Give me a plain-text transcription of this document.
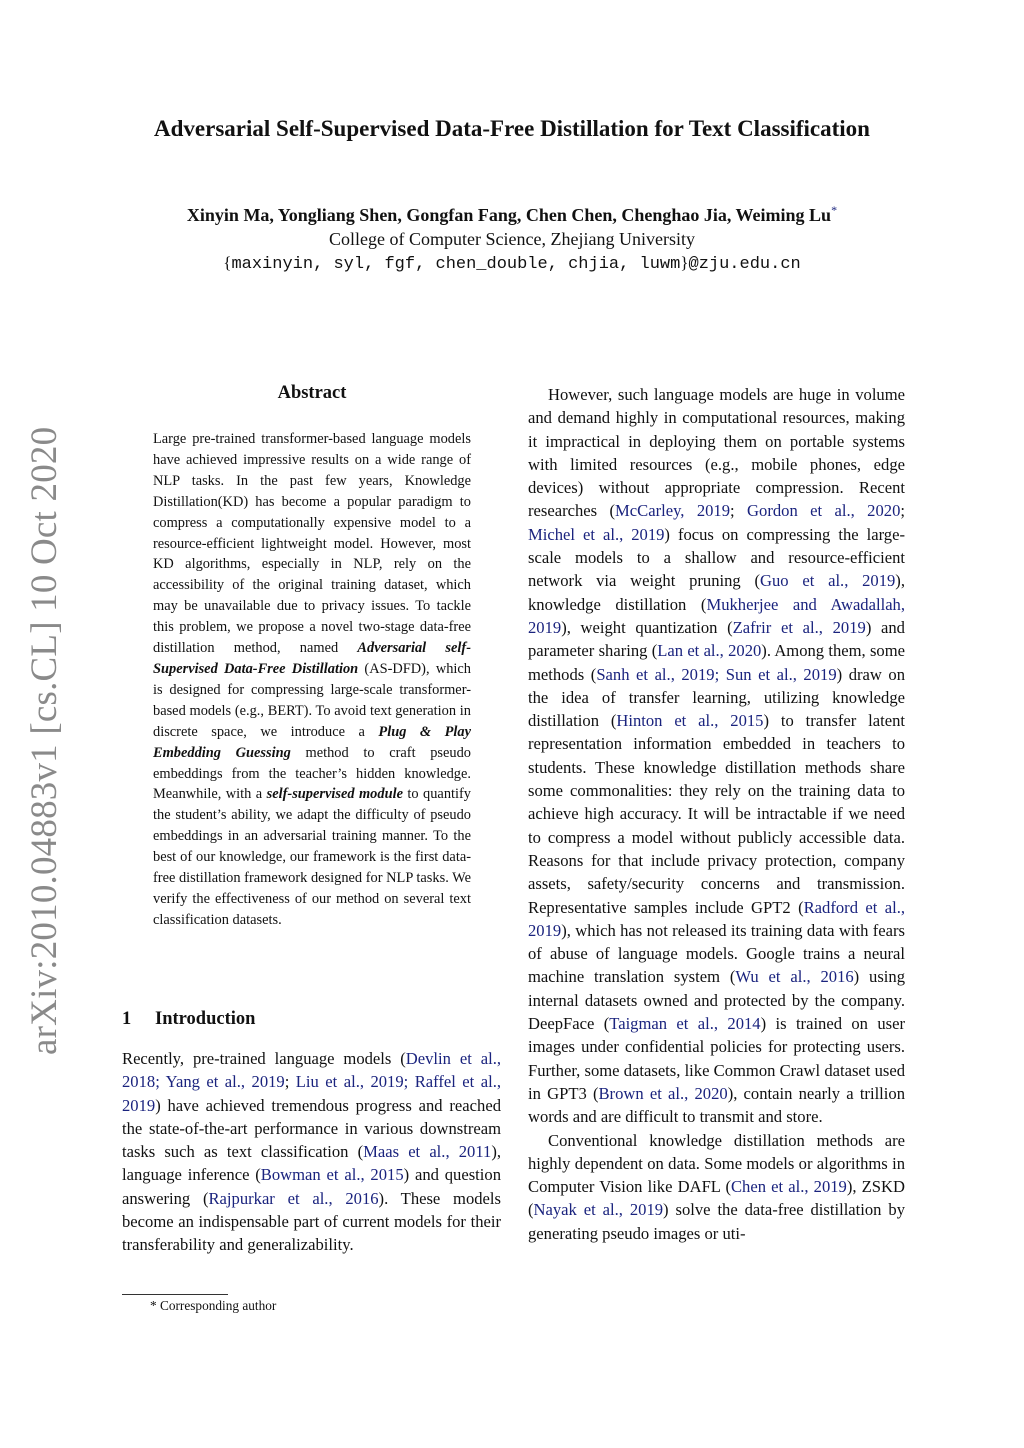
arXiv:2010.04883v1 [cs.CL] 10 Oct 2020
Adversarial Self-Supervised Data-Free Distillation for Text Classification
Xinyin Ma, Yongliang Shen, Gongfan Fang, Chen Chen, Chenghao Jia, Weiming Lu*
College of Computer Science, Zhejiang University
{maxinyin, syl, fgf, chen_double, chjia, luwm}@zju.edu.cn
Abstract
Large pre-trained transformer-based language models have achieved impressive results on a wide range of NLP tasks. In the past few years, Knowledge Distillation(KD) has become a popular paradigm to compress a computationally expensive model to a resource-efficient lightweight model. However, most KD algorithms, especially in NLP, rely on the accessibility of the original training dataset, which may be unavailable due to privacy issues. To tackle this problem, we propose a novel two-stage data-free distillation method, named Adversarial self-Supervised Data-Free Distillation (AS-DFD), which is designed for compressing large-scale transformer-based models (e.g., BERT). To avoid text generation in discrete space, we introduce a Plug & Play Embedding Guessing method to craft pseudo embeddings from the teacher’s hidden knowledge. Meanwhile, with a self-supervised module to quantify the student’s ability, we adapt the difficulty of pseudo embeddings in an adversarial training manner. To the best of our knowledge, our framework is the first data-free distillation framework designed for NLP tasks. We verify the effectiveness of our method on several text classification datasets.
1 Introduction
Recently, pre-trained language models (Devlin et al., 2018; Yang et al., 2019; Liu et al., 2019; Raffel et al., 2019) have achieved tremendous progress and reached the state-of-the-art performance in various downstream tasks such as text classification (Maas et al., 2011), language inference (Bowman et al., 2015) and question answering (Rajpurkar et al., 2016). These models become an indispensable part of current models for their transferability and generalizability.
* Corresponding author

However, such language models are huge in volume and demand highly in computational resources, making it impractical in deploying them on portable systems with limited resources (e.g., mobile phones, edge devices) without appropriate compression. Recent researches (McCarley, 2019; Gordon et al., 2020; Michel et al., 2019) focus on compressing the large-scale models to a shallow and resource-efficient network via weight pruning (Guo et al., 2019), knowledge distillation (Mukherjee and Awadallah, 2019), weight quantization (Zafrir et al., 2019) and parameter sharing (Lan et al., 2020). Among them, some methods (Sanh et al., 2019; Sun et al., 2019) draw on the idea of transfer learning, utilizing knowledge distillation (Hinton et al., 2015) to transfer latent representation information embedded in teachers to students. These knowledge distillation methods share some commonalities: they rely on the training data to achieve high accuracy. It will be intractable if we need to compress a model without publicly accessible data. Reasons for that include privacy protection, company assets, safety/security concerns and transmission. Representative samples include GPT2 (Radford et al., 2019), which has not released its training data with fears of abuse of language models. Google trains a neural machine translation system (Wu et al., 2016) using internal datasets owned and protected by the company. DeepFace (Taigman et al., 2014) is trained on user images under confidential policies for protecting users. Further, some datasets, like Common Crawl dataset used in GPT3 (Brown et al., 2020), contain nearly a trillion words and are difficult to transmit and store.

Conventional knowledge distillation methods are highly dependent on data. Some models or algorithms in Computer Vision like DAFL (Chen et al., 2019), ZSKD (Nayak et al., 2019) solve the data-free distillation by generating pseudo images or uti-
